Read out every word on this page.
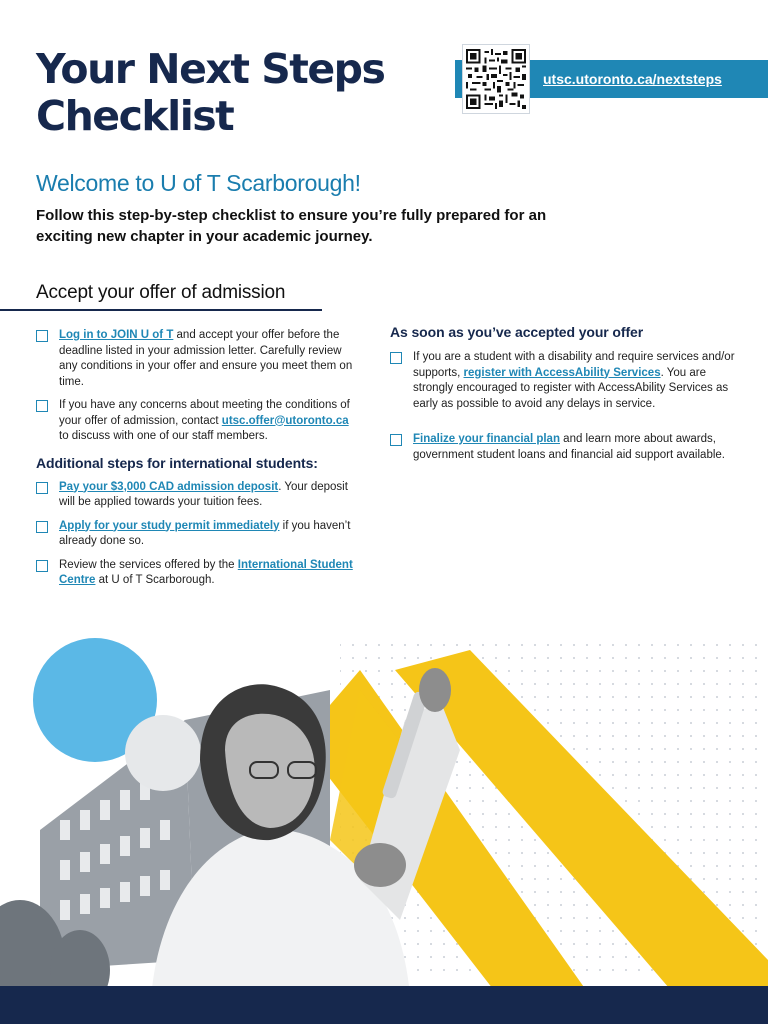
Your Next Steps
Checklist
utsc.utoronto.ca/nextsteps
Welcome to U of T Scarborough!

Follow this step-by-step checklist to ensure you’re fully prepared for an exciting new chapter in your academic journey.

Accept your offer of admission
Log in to JOIN U of T and accept your offer before the deadline listed in your admission letter. Carefully review any conditions in your offer and ensure you meet them on time.
If you have any concerns about meeting the conditions of your offer of admission, contact utsc.offer@utoronto.ca to discuss with one of our staff members.
Additional steps for international students:
Pay your $3,000 CAD admission deposit. Your deposit will be applied towards your tuition fees.
Apply for your study permit immediately if you haven’t already done so.
Review the services offered by the International Student Centre at U of T Scarborough.
As soon as you’ve accepted your offer
If you are a student with a disability and require services and/or supports, register with AccessAbility Services. You are strongly encouraged to register with AccessAbility Services as early as possible to avoid any delays in service.
Finalize your financial plan and learn more about awards, government student loans and financial aid support available.
